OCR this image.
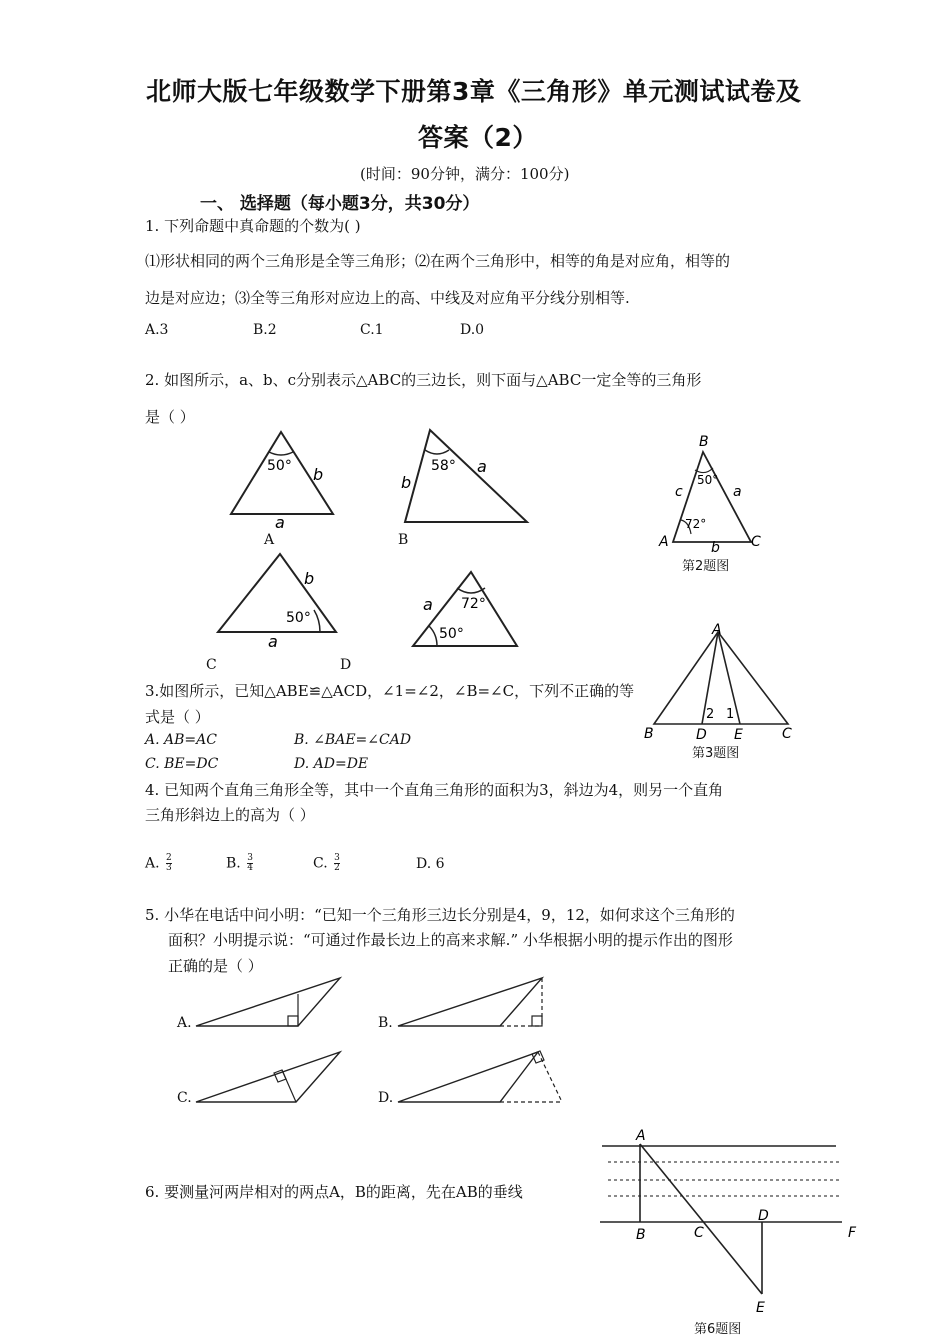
北师大版七年级数学下册第3章《三角形》单元测试试卷及
答案（2）
(时间：90分钟，满分：100分)
一、 选择题（每小题3分，共30分）
1. 下列命题中真命题的个数为( )
⑴形状相同的两个三角形是全等三角形；⑵在两个三角形中，相等的角是对应角，相等的
边是对应边；⑶全等三角形对应边上的高、中线及对应角平分线分别相等.
A.3	B.2	C.1	D.0
2. 如图所示，a、b、c分别表示△ABC的三边长，则下面与△ABC一定全等的三角形
是（ ）
50° b
a
A
58°
b
a
B
B
50°
72°
c	a
b
A	C
第2题图
50°
b
a
C
72°
50°
a
D
3.如图所示，已知△ABE≌△ACD，∠1=∠2，∠B=∠C，下列不正确的等
式是（ ）
A. AB=AC	B. ∠BAE=∠CAD
C. BE=DC	D. AD=DE
A
B	D E	C
2 1
第3题图
4. 已知两个直角三角形全等，其中一个直角三角形的面积为3，斜边为4，则另一个直角
三角形斜边上的高为（ ）
A. $\frac{2}{3}$	B. $\frac{3}{4}$	C. $\frac{3}{2}$	D. 6
5. 小华在电话中问小明：“已知一个三角形三边长分别是4，9，12，如何求这个三角形的
面积？小明提示说：“可通过作最长边上的高来求解.” 小华根据小明的提示作出的图形
正确的是（ ）
A.	B.
C.	D.
6. 要测量河两岸相对的两点A，B的距离，先在AB的垂线
A
B	C
D
F
E
第6题图
